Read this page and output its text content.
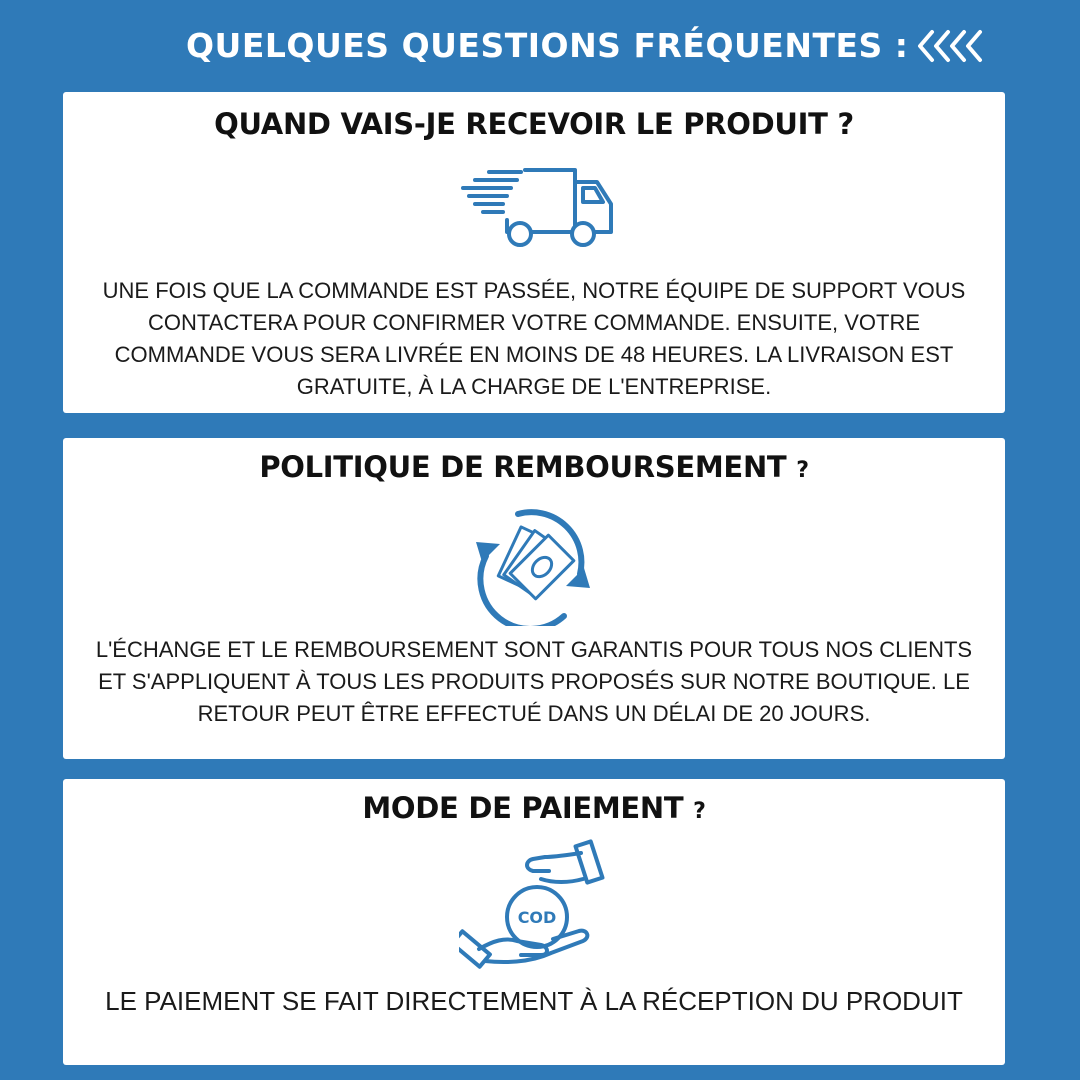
QUELQUES QUESTIONS FRÉQUENTES :
QUAND VAIS-JE RECEVOIR LE PRODUIT ?
UNE FOIS QUE LA COMMANDE EST PASSÉE, NOTRE ÉQUIPE DE SUPPORT VOUS CONTACTERA POUR CONFIRMER VOTRE COMMANDE. ENSUITE, VOTRE COMMANDE VOUS SERA LIVRÉE EN MOINS DE 48 HEURES. LA LIVRAISON EST GRATUITE, À LA CHARGE DE L'ENTREPRISE.
POLITIQUE DE REMBOURSEMENT ?
L'ÉCHANGE ET LE REMBOURSEMENT SONT GARANTIS POUR TOUS NOS CLIENTS ET S'APPLIQUENT À TOUS LES PRODUITS PROPOSÉS SUR NOTRE BOUTIQUE. LE RETOUR PEUT ÊTRE EFFECTUÉ DANS UN DÉLAI DE 20 JOURS.
MODE DE PAIEMENT ?
COD
LE PAIEMENT SE FAIT DIRECTEMENT À LA RÉCEPTION DU PRODUIT
